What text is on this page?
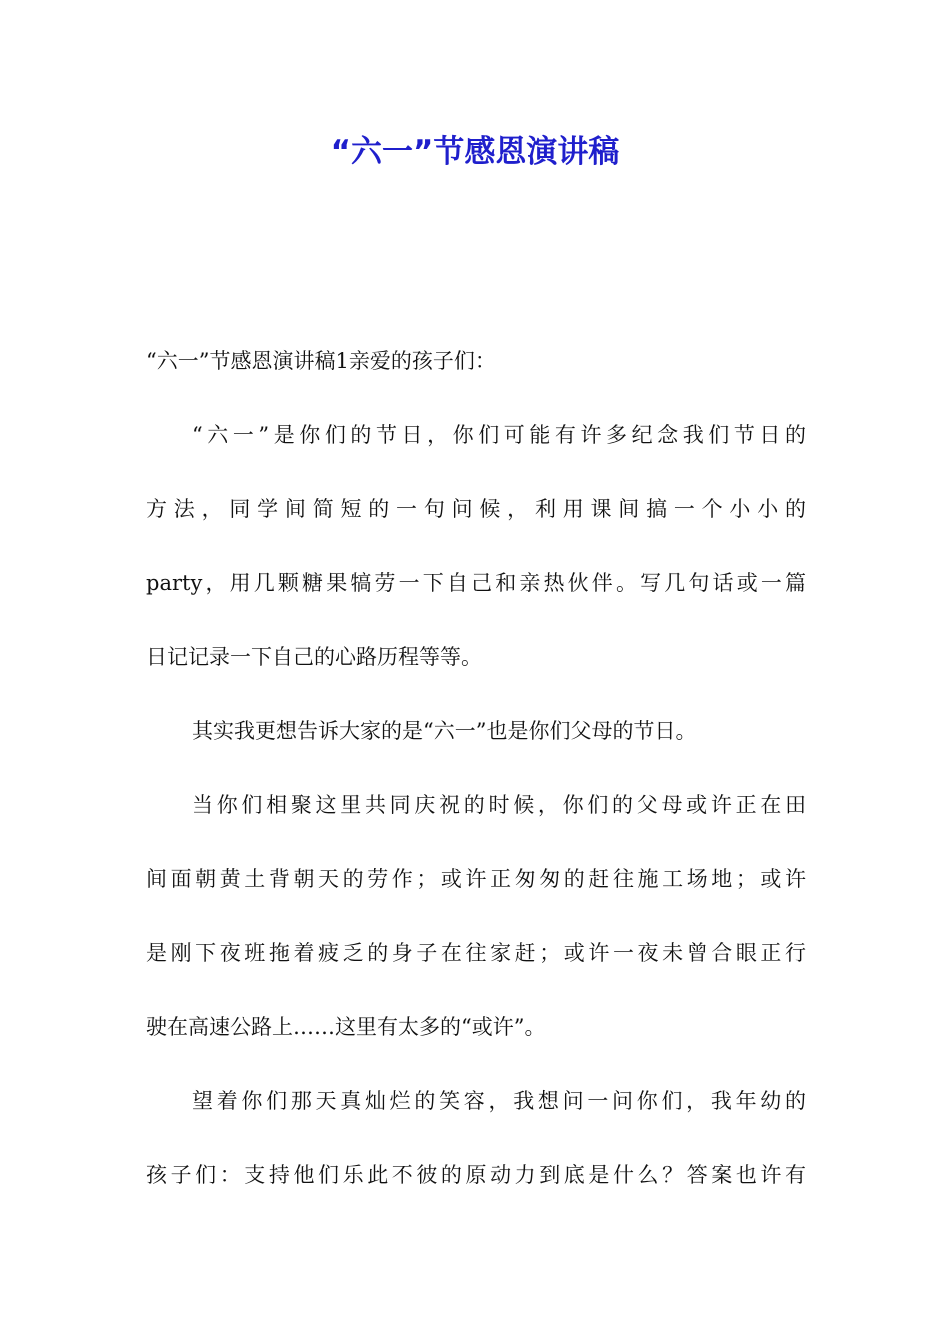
“六一”节感恩演讲稿
“六一”节感恩演讲稿1亲爱的孩子们：
“六一”是你们的节日，你们可能有许多纪念我们节日的
方法，同学间简短的一句问候，利用课间搞一个小小的
party，用几颗糖果犒劳一下自己和亲热伙伴。写几句话或一篇
日记记录一下自己的心路历程等等。
其实我更想告诉大家的是“六一”也是你们父母的节日。
当你们相聚这里共同庆祝的时候，你们的父母或许正在田
间面朝黄土背朝天的劳作；或许正匆匆的赶往施工场地；或许
是刚下夜班拖着疲乏的身子在往家赶；或许一夜未曾合眼正行
驶在高速公路上……这里有太多的“或许”。
望着你们那天真灿烂的笑容，我想问一问你们，我年幼的
孩子们：支持他们乐此不彼的原动力到底是什么？答案也许有
